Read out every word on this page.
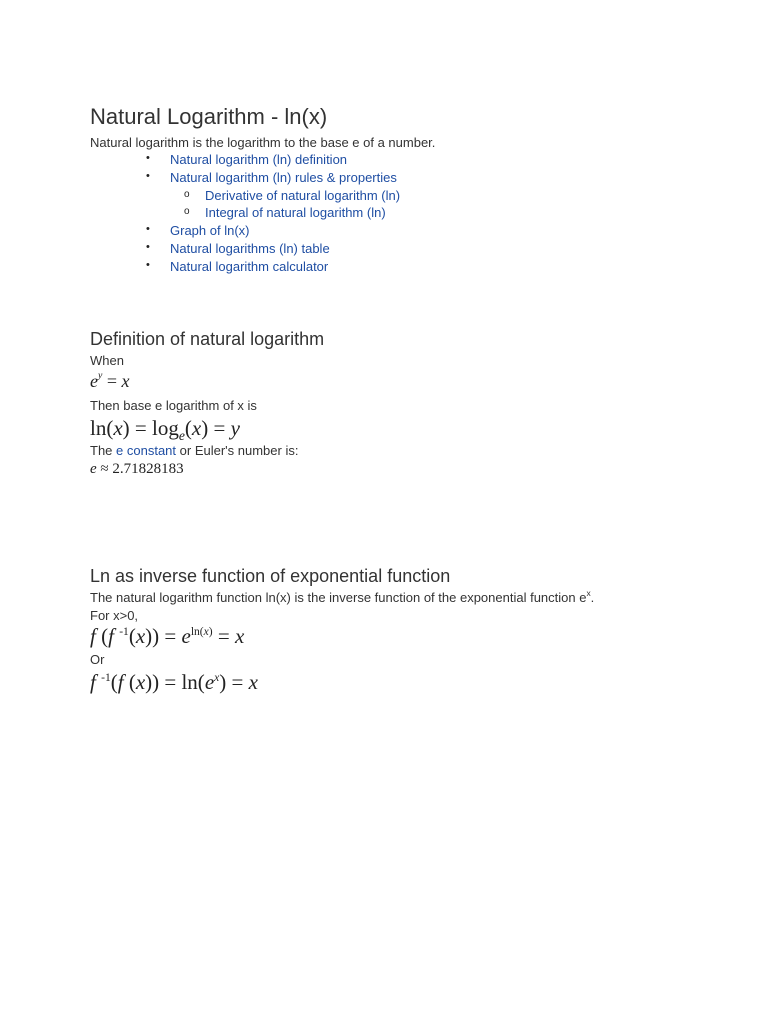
Natural Logarithm - ln(x)

Natural logarithm is the logarithm to the base e of a number.

• Natural logarithm (ln) definition
• Natural logarithm (ln) rules & properties
o Derivative of natural logarithm (ln)
o Integral of natural logarithm (ln)
• Graph of ln(x)
• Natural logarithms (ln) table
• Natural logarithm calculator
Definition of natural logarithm

When

$e^y = x$

Then base e logarithm of x is

$\ln(x) = \log_e(x) = y$

The e constant or Euler's number is:

e ≈ 2.71828183
Ln as inverse function of exponential function

The natural logarithm function ln(x) is the inverse function of the exponential function $e^x$.

For x>0,

f (f $^{-1}(x)) = e^{ln(x)} = x$

Or

f $^{-1}$(f $(x)) = \ln(e^x) = x$
